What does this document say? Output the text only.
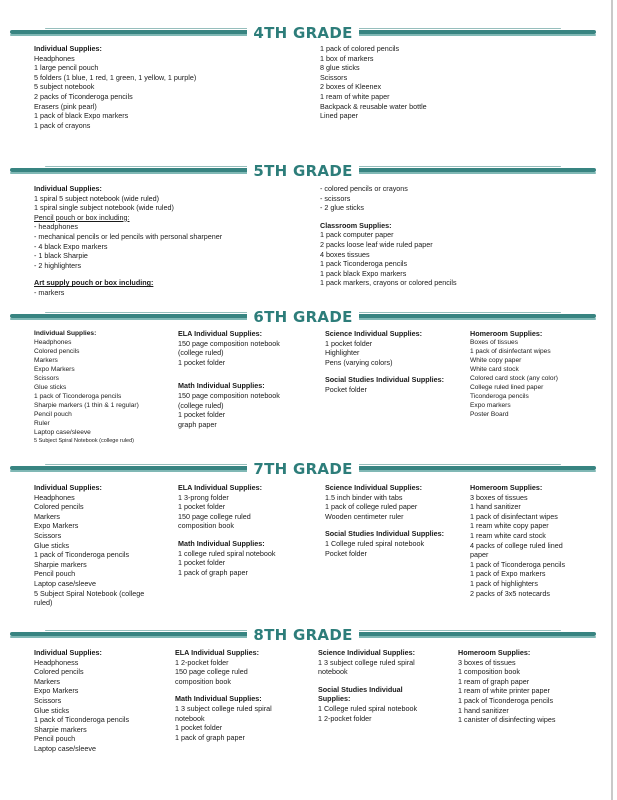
4TH GRADE
Individual Supplies:
Headphones
1 large pencil pouch
5 folders (1 blue, 1 red, 1 green, 1 yellow, 1 purple)
5 subject notebook
2 packs of Ticonderoga pencils
Erasers (pink pearl)
1 pack of black Expo markers
1 pack of crayons
1 pack of colored pencils
1 box of markers
8 glue sticks
Scissors
2 boxes of Kleenex
1 ream of white paper
Backpack & reusable water bottle
Lined paper
5TH GRADE
Individual Supplies:
1 spiral 5 subject notebook (wide ruled)
1 spiral single subject notebook (wide ruled)
Pencil pouch or box including:
- headphones
- mechanical pencils or led pencils with personal sharpener
- 4 black Expo markers
- 1 black Sharpie
- 2 highlighters
Art supply pouch or box including:
- markers
- colored pencils or crayons
- scissors
- 2 glue sticks
Classroom Supplies:
1 pack computer paper
2 packs loose leaf wide ruled paper
4 boxes tissues
1 pack Ticonderoga pencils
1 pack black Expo markers
1 pack markers, crayons or colored pencils
6TH GRADE
Individual Supplies:
Headphones
Colored pencils
Markers
Expo Markers
Scissors
Glue sticks
1 pack of Ticonderoga pencils
Sharpie markers (1 thin & 1 regular)
Pencil pouch
Ruler
Laptop case/sleeve
5 Subject Spiral Notebook (college ruled)
ELA Individual Supplies:
150 page composition notebook
(college ruled)
1 pocket folder
Math Individual Supplies:
150 page composition notebook
(college ruled)
1 pocket folder
graph paper
Science Individual Supplies:
1 pocket folder
Highlighter
Pens (varying colors)
Social Studies Individual Supplies:
Pocket folder
Homeroom Supplies:
Boxes of tissues
1 pack of disinfectant wipes
White copy paper
White card stock
Colored card stock (any color)
College ruled lined paper
Ticonderoga pencils
Expo markers
Poster Board
7TH GRADE
Individual Supplies:
Headphones
Colored pencils
Markers
Expo Markers
Scissors
Glue sticks
1 pack of Ticonderoga pencils
Sharpie markers
Pencil pouch
Laptop case/sleeve
5 Subject Spiral Notebook (college
ruled)
ELA Individual Supplies:
1 3-prong folder
1 pocket folder
150 page college ruled
composition book
Math Individual Supplies:
1 college ruled spiral notebook
1 pocket folder
1 pack of graph paper
Science Individual Supplies:
1.5 inch binder with tabs
1 pack of college ruled paper
Wooden centimeter ruler
Social Studies Individual Supplies:
1 College ruled spiral notebook
Pocket folder
Homeroom Supplies:
3 boxes of tissues
1 hand sanitizer
1 pack of disinfectant wipes
1 ream white copy paper
1 ream white card stock
4 packs of college ruled lined
paper
1 pack of Ticonderoga pencils
1 pack of Expo markers
1 pack of highlighters
2 packs of 3x5 notecards
8TH GRADE
Individual Supplies:
Headphoness
Colored pencils
Markers
Expo Markers
Scissors
Glue sticks
1 pack of Ticonderoga pencils
Sharpie markers
Pencil pouch
Laptop case/sleeve
ELA Individual Supplies:
1 2-pocket folder
150 page college ruled
composition book
Math Individual Supplies:
1 3 subject college ruled spiral
notebook
1 pocket folder
1 pack of graph paper
Science Individual Supplies:
1 3 subject college ruled spiral
notebook
Social Studies Individual
Supplies:
1 College ruled spiral notebook
1 2-pocket folder
Homeroom Supplies:
3 boxes of tissues
1 composition book
1 ream of graph paper
1 ream of white printer paper
1 pack of Ticonderoga pencils
1 hand sanitizer
1 canister of disinfecting wipes
